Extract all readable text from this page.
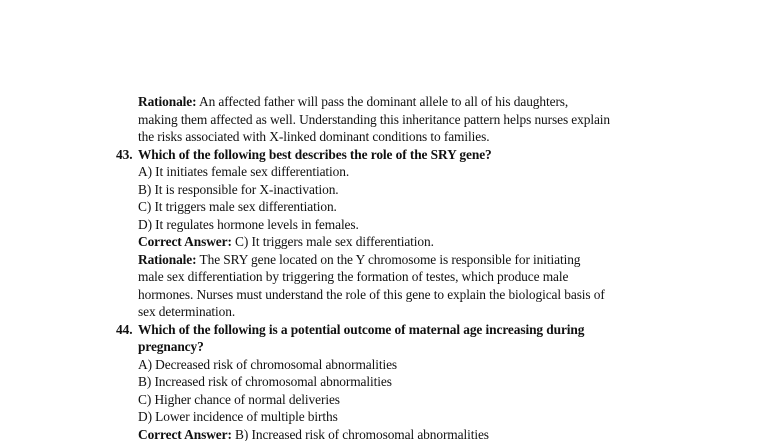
Rationale: An affected father will pass the dominant allele to all of his daughters,
making them affected as well. Understanding this inheritance pattern helps nurses explain
the risks associated with X-linked dominant conditions to families.
43. Which of the following best describes the role of the SRY gene?
A) It initiates female sex differentiation.
B) It is responsible for X-inactivation.
C) It triggers male sex differentiation.
D) It regulates hormone levels in females.
Correct Answer: C) It triggers male sex differentiation.
Rationale: The SRY gene located on the Y chromosome is responsible for initiating
male sex differentiation by triggering the formation of testes, which produce male
hormones. Nurses must understand the role of this gene to explain the biological basis of
sex determination.
44. Which of the following is a potential outcome of maternal age increasing during
pregnancy?
A) Decreased risk of chromosomal abnormalities
B) Increased risk of chromosomal abnormalities
C) Higher chance of normal deliveries
D) Lower incidence of multiple births
Correct Answer: B) Increased risk of chromosomal abnormalities
